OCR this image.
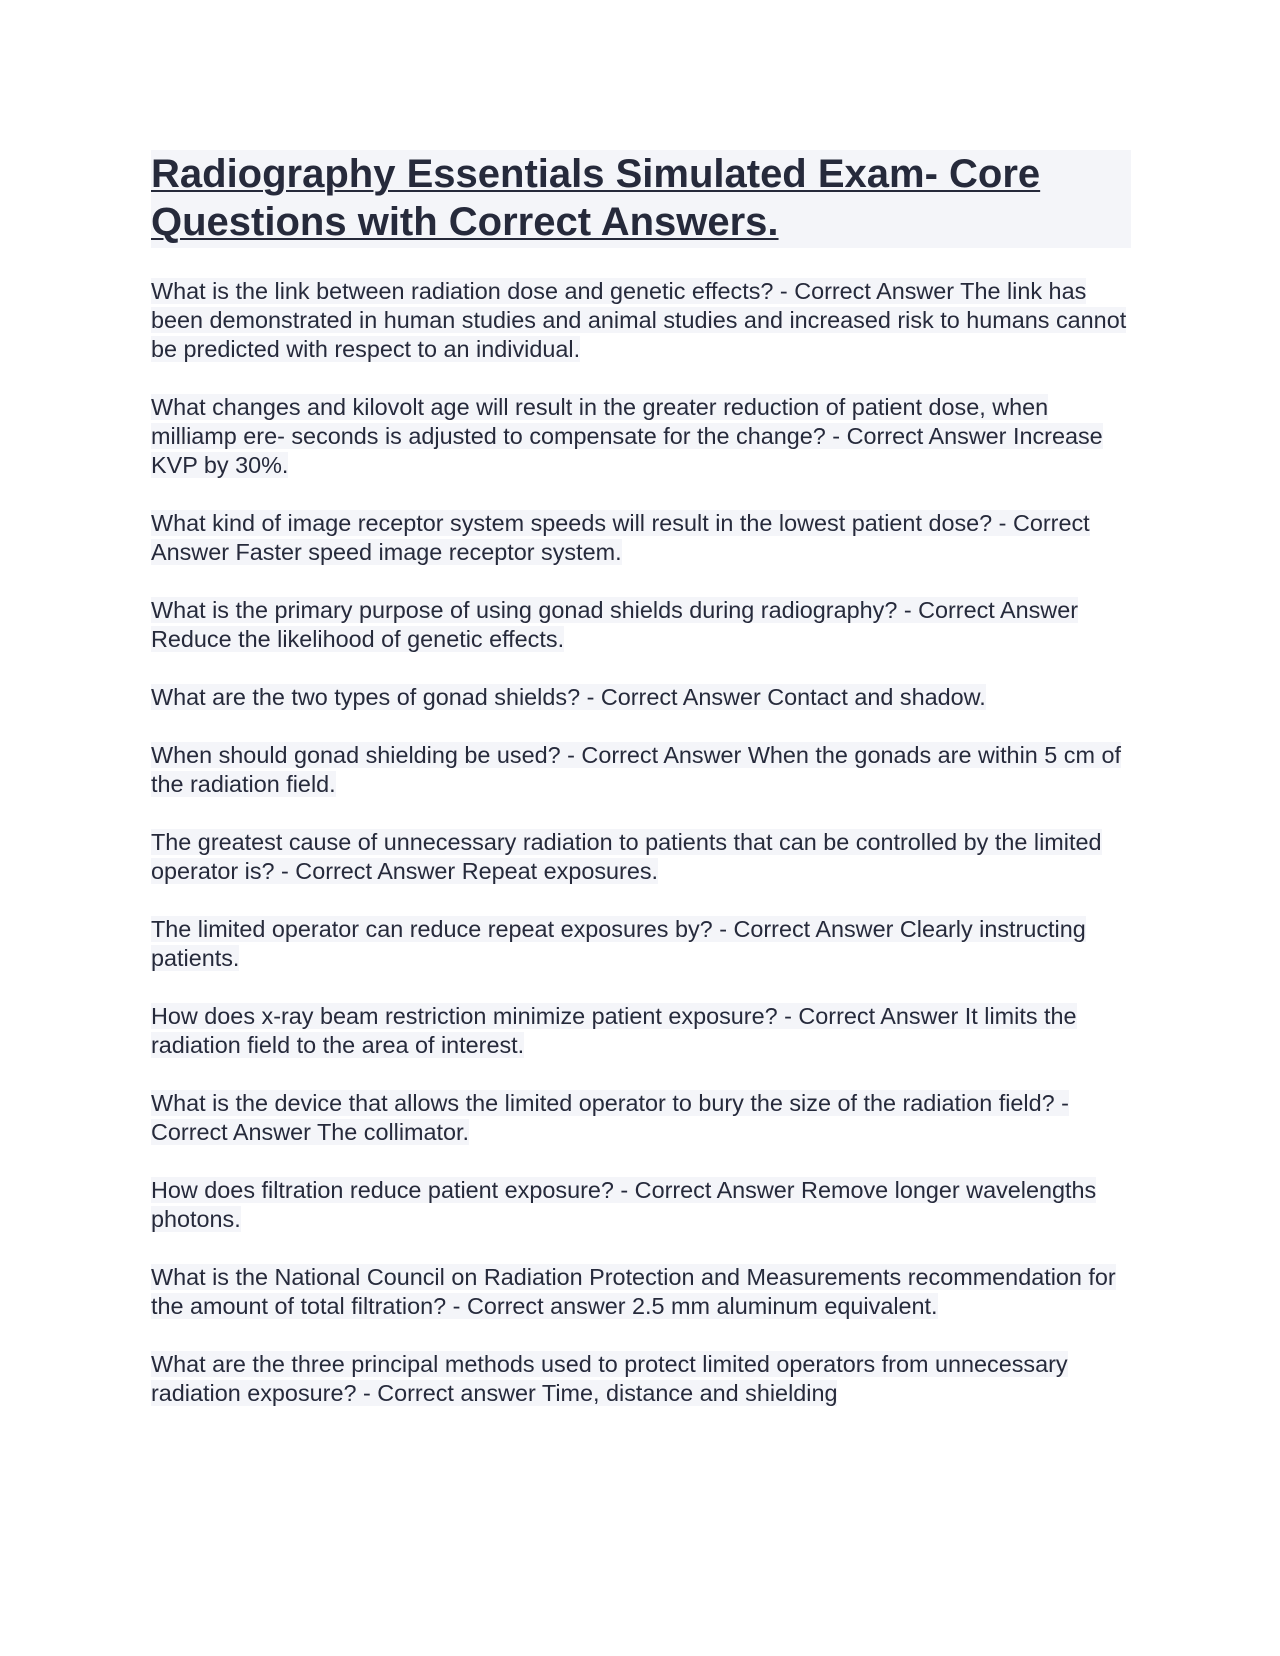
Radiography Essentials Simulated Exam- Core Questions with Correct Answers.
What is the link between radiation dose and genetic effects? - Correct Answer The link has been demonstrated in human studies and animal studies and increased risk to humans cannot be predicted with respect to an individual.
What changes and kilovolt age will result in the greater reduction of patient dose, when milliamp ere- seconds is adjusted to compensate for the change? - Correct Answer Increase KVP by 30%.
What kind of image receptor system speeds will result in the lowest patient dose? - Correct Answer Faster speed image receptor system.
What is the primary purpose of using gonad shields during radiography? - Correct Answer Reduce the likelihood of genetic effects.
What are the two types of gonad shields? - Correct Answer Contact and shadow.
When should gonad shielding be used? - Correct Answer When the gonads are within 5 cm of the radiation field.
The greatest cause of unnecessary radiation to patients that can be controlled by the limited operator is? - Correct Answer Repeat exposures.
The limited operator can reduce repeat exposures by? - Correct Answer Clearly instructing patients.
How does x-ray beam restriction minimize patient exposure? - Correct Answer It limits the radiation field to the area of interest.
What is the device that allows the limited operator to bury the size of the radiation field? - Correct Answer The collimator.
How does filtration reduce patient exposure? - Correct Answer Remove longer wavelengths photons.
What is the National Council on Radiation Protection and Measurements recommendation for the amount of total filtration? - Correct answer 2.5 mm aluminum equivalent.
What are the three principal methods used to protect limited operators from unnecessary radiation exposure? - Correct answer Time, distance and shielding
